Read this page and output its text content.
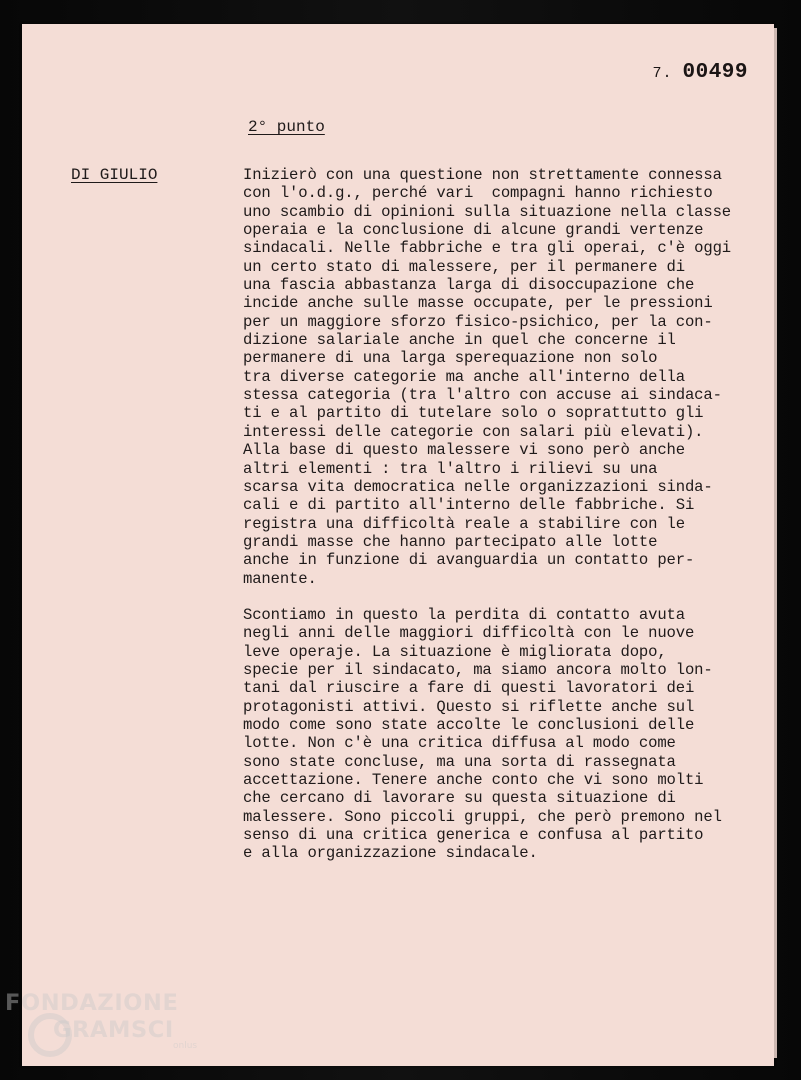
7. 00499
2° punto
DI GIULIO	Inizierò con una questione non strettamente connessa
con l'o.d.g., perché vari  compagni hanno richiesto
uno scambio di opinioni sulla situazione nella classe
operaia e la conclusione di alcune grandi vertenze
sindacali. Nelle fabbriche e tra gli operai, c'è oggi
un certo stato di malessere, per il permanere di
una fascia abbastanza larga di disoccupazione che
incide anche sulle masse occupate, per le pressioni
per un maggiore sforzo fisico-psichico, per la con-
dizione salariale anche in quel che concerne il
permanere di una larga sperequazione non solo
tra diverse categorie ma anche all'interno della
stessa categoria (tra l'altro con accuse ai sindaca-
ti e al partito di tutelare solo o soprattutto gli
interessi delle categorie con salari più elevati).
Alla base di questo malessere vi sono però anche
altri elementi : tra l'altro i rilievi su una
scarsa vita democratica nelle organizzazioni sinda-
cali e di partito all'interno delle fabbriche. Si
registra una difficoltà reale a stabilire con le
grandi masse che hanno partecipato alle lotte
anche in funzione di avanguardia un contatto per-
manente.

Scontiamo in questo la perdita di contatto avuta
negli anni delle maggiori difficoltà con le nuove
leve operaje. La situazione è migliorata dopo,
specie per il sindacato, ma siamo ancora molto lon-
tani dal riuscire a fare di questi lavoratori dei
protagonisti attivi. Questo si riflette anche sul
modo come sono state accolte le conclusioni delle
lotte. Non c'è una critica diffusa al modo come
sono state concluse, ma una sorta di rassegnata
accettazione. Tenere anche conto che vi sono molti
che cercano di lavorare su questa situazione di
malessere. Sono piccoli gruppi, che però premono nel
senso di una critica generica e confusa al partito
e alla organizzazione sindacale.

FONDAZIONE
GRAMSCI
onlus
